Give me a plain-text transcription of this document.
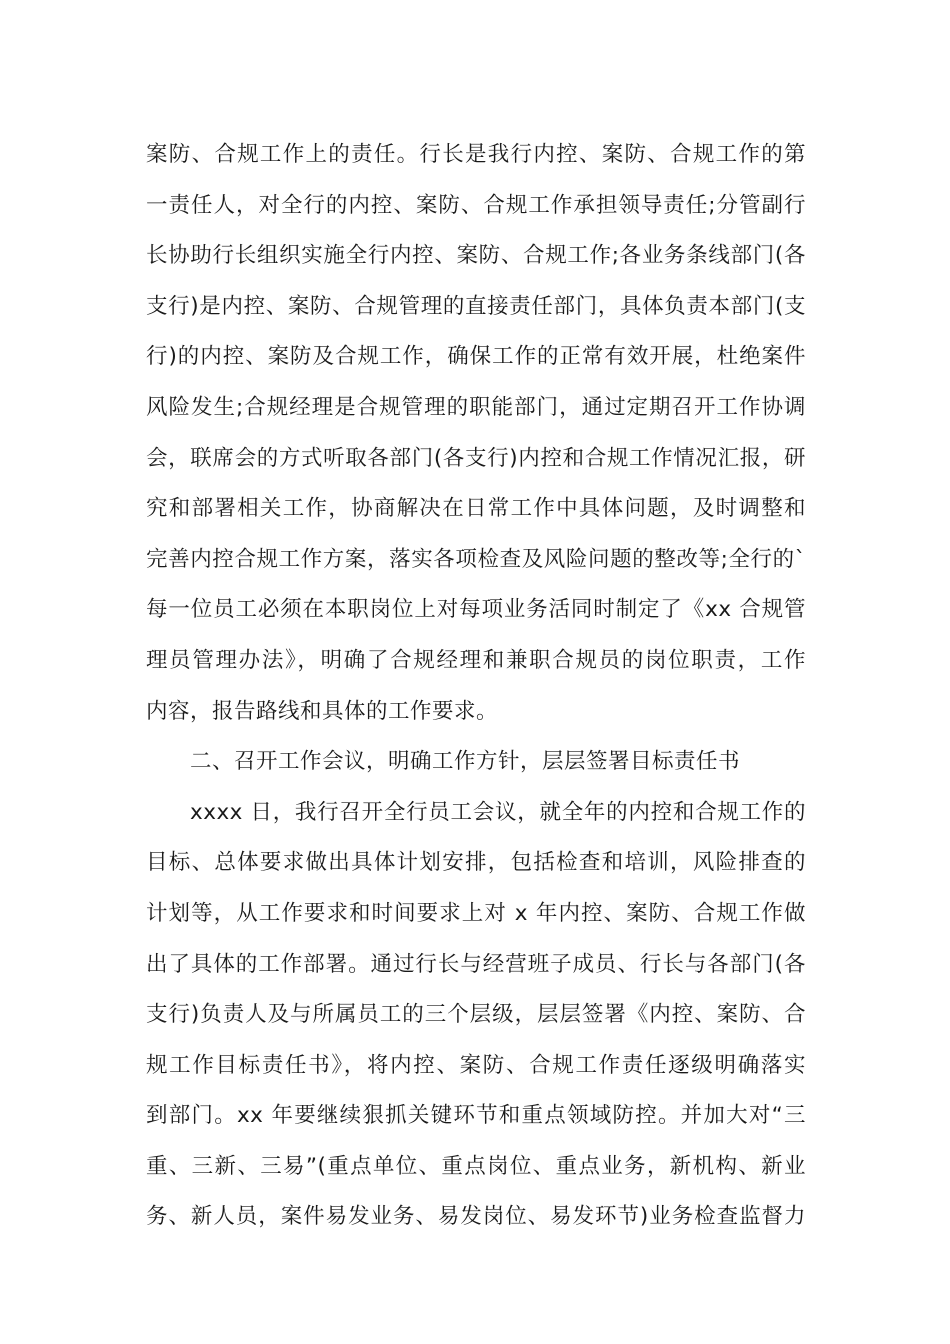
案防、合规工作上的责任。行长是我行内控、案防、合规工作的第
一责任人，对全行的内控、案防、合规工作承担领导责任;分管副行
长协助行长组织实施全行内控、案防、合规工作;各业务条线部门(各
支行)是内控、案防、合规管理的直接责任部门，具体负责本部门(支
行)的内控、案防及合规工作，确保工作的正常有效开展，杜绝案件
风险发生;合规经理是合规管理的职能部门，通过定期召开工作协调
会，联席会的方式听取各部门(各支行)内控和合规工作情况汇报，研
究和部署相关工作，协商解决在日常工作中具体问题，及时调整和
完善内控合规工作方案，落实各项检查及风险问题的整改等;全行的`
每一位员工必须在本职岗位上对每项业务活同时制定了《xx 合规管
理员管理办法》，明确了合规经理和兼职合规员的岗位职责，工作
内容，报告路线和具体的工作要求。
二、召开工作会议，明确工作方针，层层签署目标责任书
xxxx 日，我行召开全行员工会议，就全年的内控和合规工作的
目标、总体要求做出具体计划安排，包括检查和培训，风险排查的
计划等，从工作要求和时间要求上对 x 年内控、案防、合规工作做
出了具体的工作部署。通过行长与经营班子成员、行长与各部门(各
支行)负责人及与所属员工的三个层级，层层签署《内控、案防、合
规工作目标责任书》，将内控、案防、合规工作责任逐级明确落实
到部门。xx 年要继续狠抓关键环节和重点领域防控。并加大对“三
重、三新、三易”(重点单位、重点岗位、重点业务，新机构、新业
务、新人员，案件易发业务、易发岗位、易发环节)业务检查监督力
